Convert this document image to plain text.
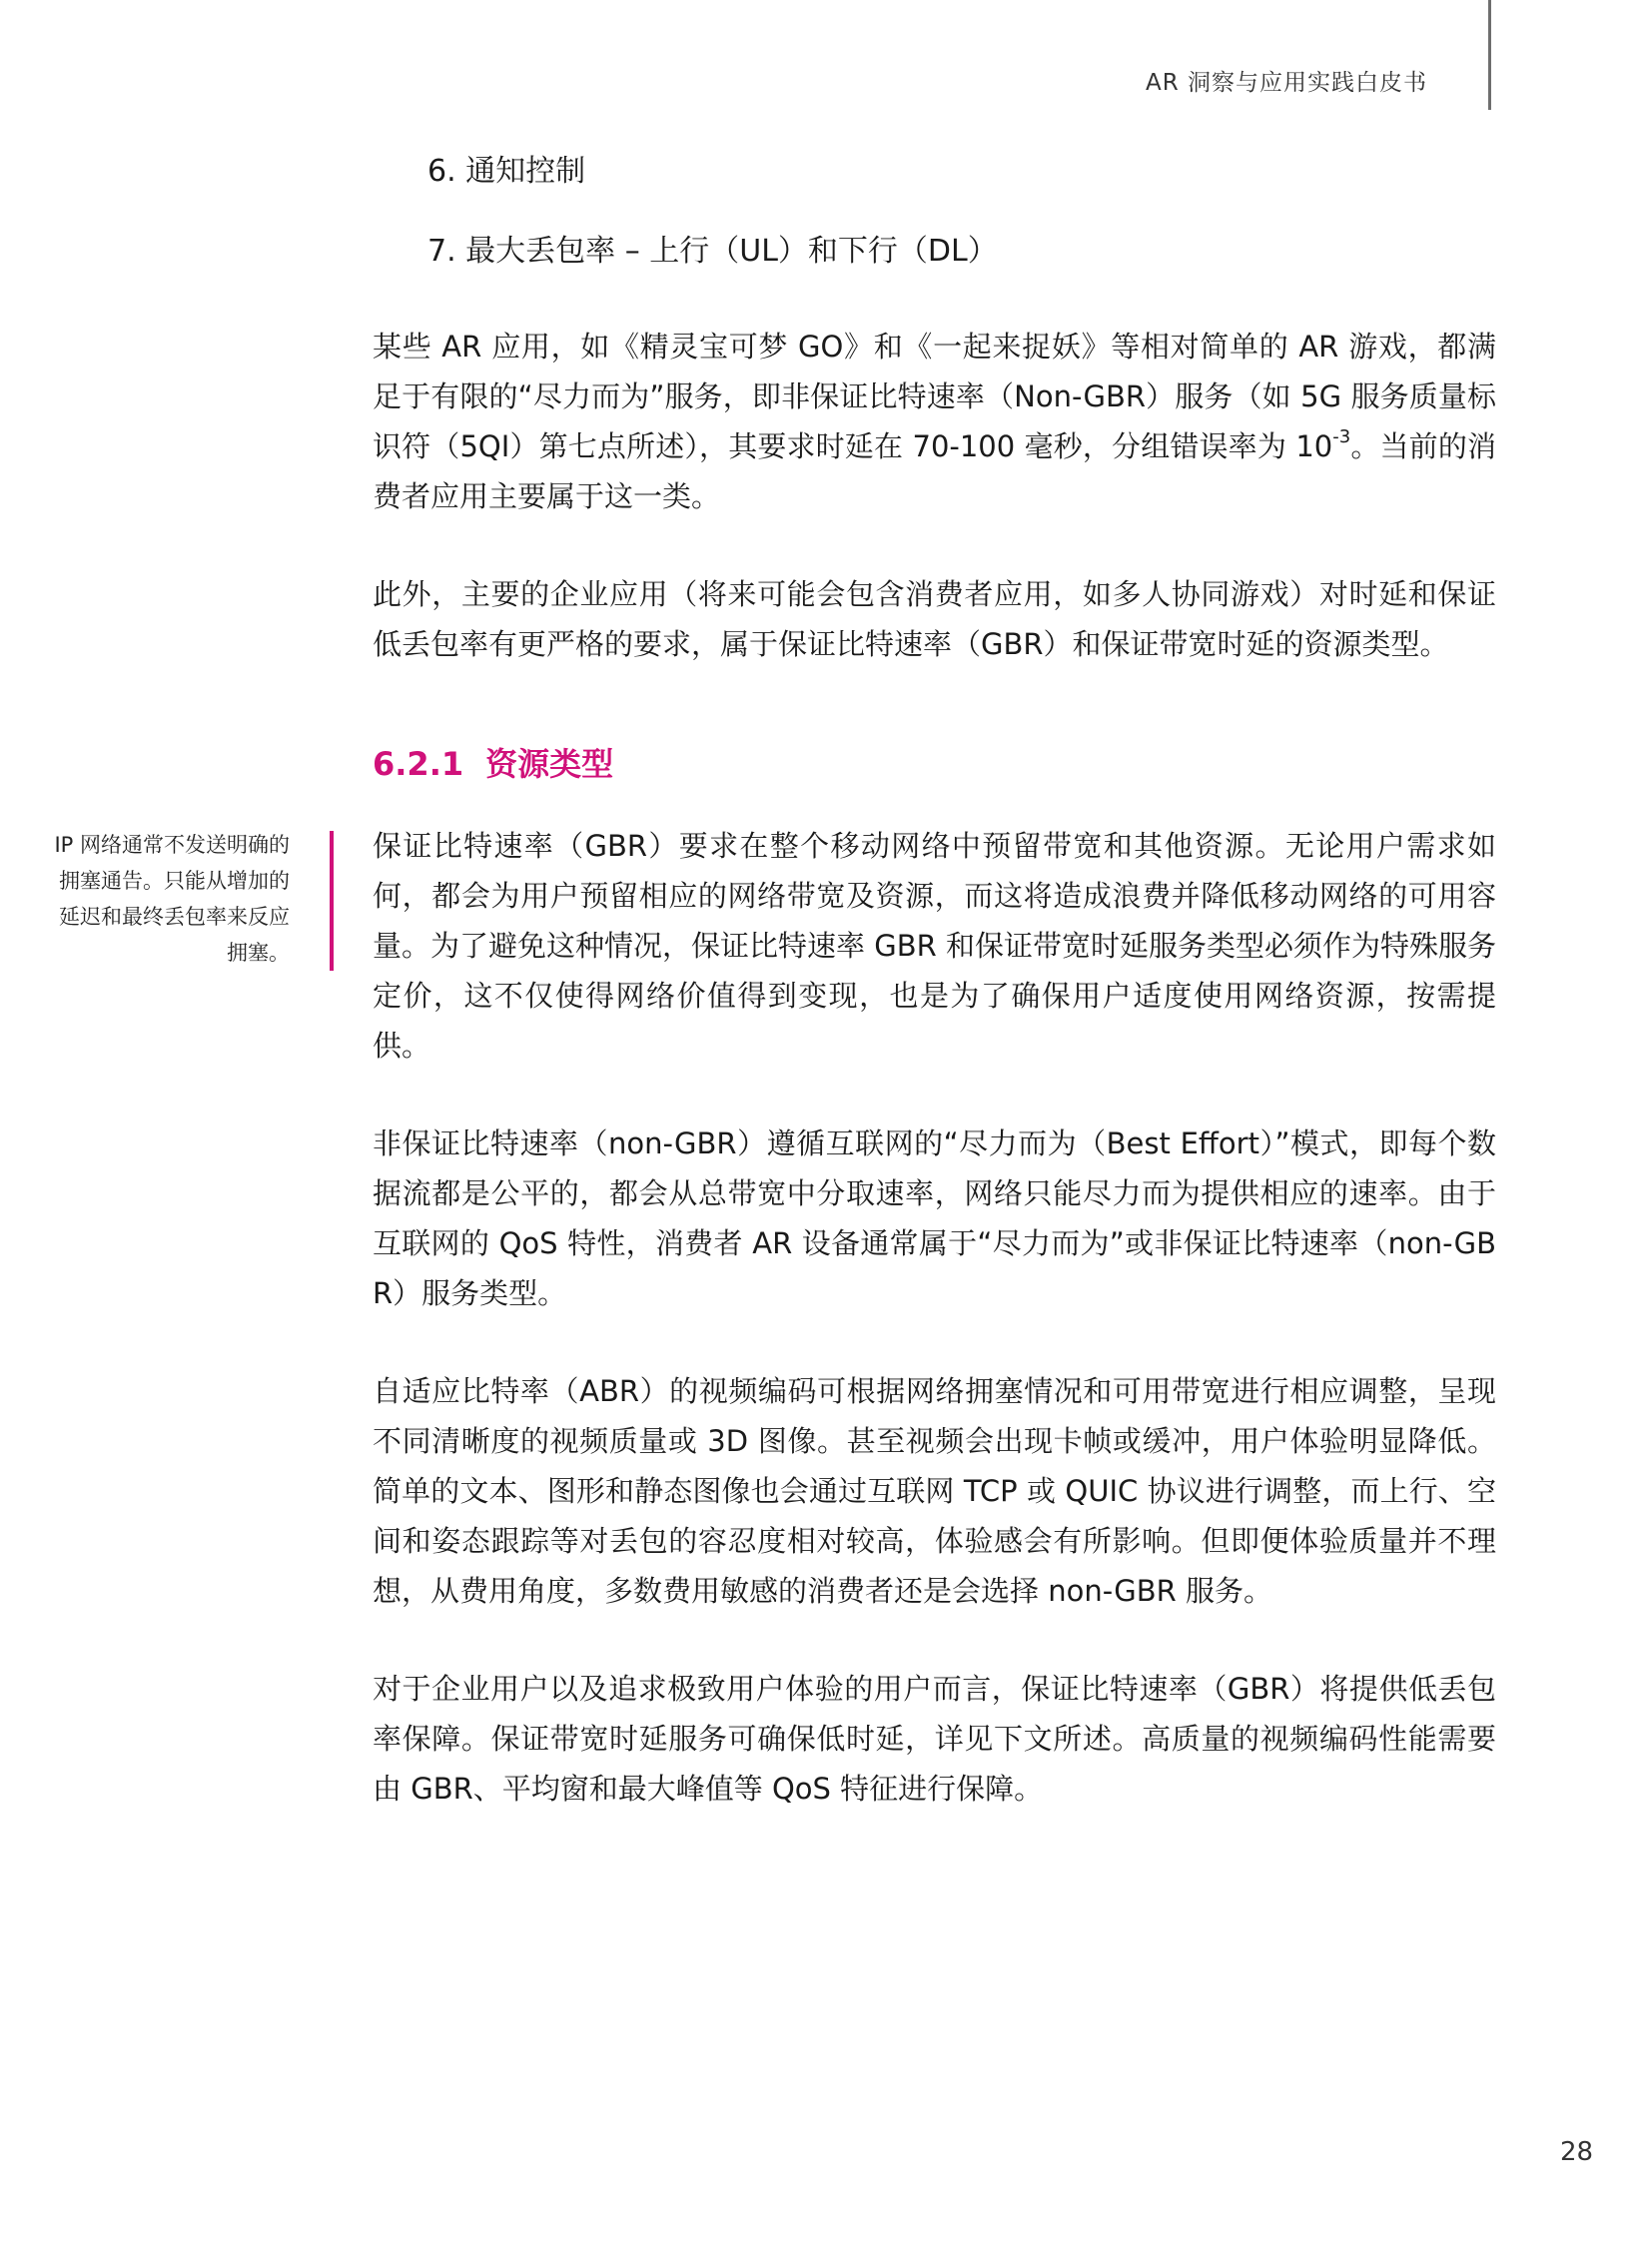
AR 洞察与应用实践白皮书
6. 通知控制
7. 最大丢包率 – 上行（UL）和下行（DL）

某些 AR 应用，如《精灵宝可梦 GO》和《一起来捉妖》等相对简单的 AR 游戏，都满足于有限的“尽力而为”服务，即非保证比特速率（Non-GBR）服务（如 5G 服务质量标识符（5QI）第七点所述），其要求时延在 70-100 毫秒，分组错误率为 $10^{-3}$。当前的消费者应用主要属于这一类。

此外，主要的企业应用（将来可能会包含消费者应用，如多人协同游戏）对时延和保证低丢包率有更严格的要求，属于保证比特速率（GBR）和保证带宽时延的资源类型。

6.2.1 资源类型
IP 网络通常不发送明确的拥塞通告。只能从增加的延迟和最终丢包率来反应拥塞。

保证比特速率（GBR）要求在整个移动网络中预留带宽和其他资源。无论用户需求如何，都会为用户预留相应的网络带宽及资源，而这将造成浪费并降低移动网络的可用容量。为了避免这种情况，保证比特速率 GBR 和保证带宽时延服务类型必须作为特殊服务定价，这不仅使得网络价值得到变现，也是为了确保用户适度使用网络资源，按需提供。

非保证比特速率（non-GBR）遵循互联网的“尽力而为（Best Effort）”模式，即每个数据流都是公平的，都会从总带宽中分取速率，网络只能尽力而为提供相应的速率。由于互联网的 QoS 特性，消费者 AR 设备通常属于“尽力而为”或非保证比特速率（non-GBR）服务类型。

自适应比特率（ABR）的视频编码可根据网络拥塞情况和可用带宽进行相应调整，呈现不同清晰度的视频质量或 3D 图像。甚至视频会出现卡帧或缓冲，用户体验明显降低。简单的文本、图形和静态图像也会通过互联网 TCP 或 QUIC 协议进行调整，而上行、空间和姿态跟踪等对丢包的容忍度相对较高，体验感会有所影响。但即便体验质量并不理想，从费用角度，多数费用敏感的消费者还是会选择 non-GBR 服务。

对于企业用户以及追求极致用户体验的用户而言，保证比特速率（GBR）将提供低丢包率保障。保证带宽时延服务可确保低时延，详见下文所述。高质量的视频编码性能需要由 GBR、平均窗和最大峰值等 QoS 特征进行保障。

28
